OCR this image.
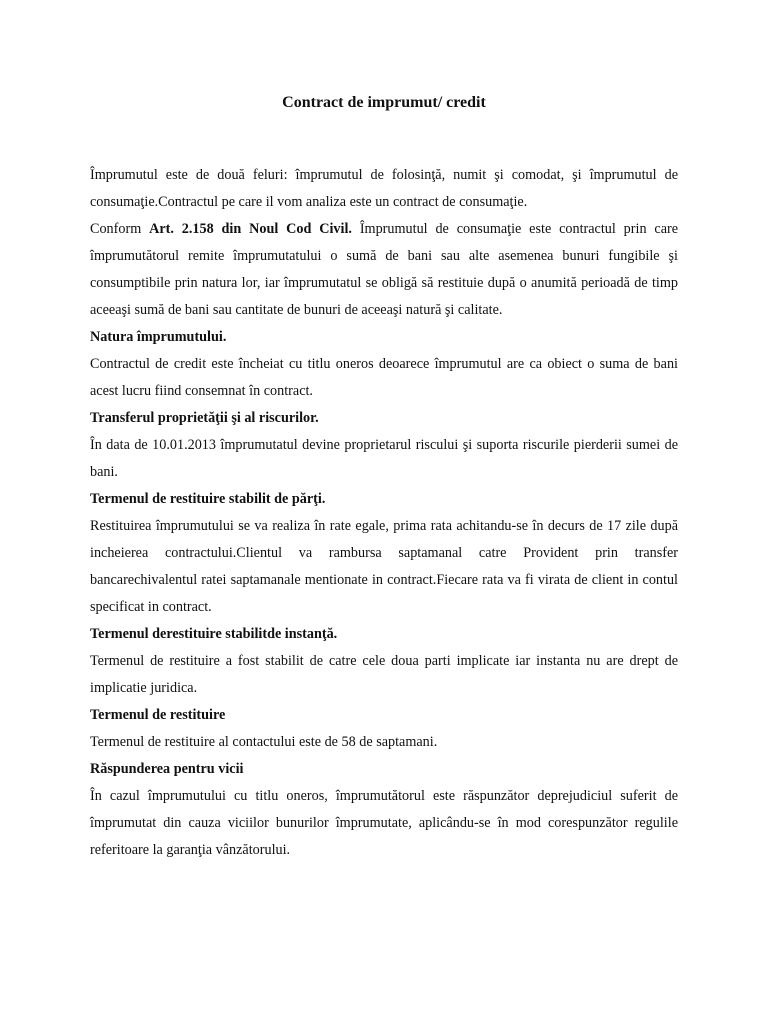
Contract de imprumut/ credit

Împrumutul este de două feluri: împrumutul de folosinţă, numit şi comodat, şi împrumutul de consumaţie.Contractul pe care il vom analiza este un contract de consumaţie.

Conform Art. 2.158 din Noul Cod Civil. Împrumutul de consumaţie este contractul prin care împrumutătorul remite împrumutatului o sumă de bani sau alte asemenea bunuri fungibile şi consumptibile prin natura lor, iar împrumutatul se obligă să restituie după o anumită perioadă de timp aceeaşi sumă de bani sau cantitate de bunuri de aceeaşi natură şi calitate.

Natura împrumutului.

Contractul de credit este încheiat cu titlu oneros deoarece împrumutul are ca obiect o suma de bani acest lucru fiind consemnat în contract.

Transferul proprietăţii şi al riscurilor.

În data de 10.01.2013 împrumutatul devine proprietarul riscului şi suporta riscurile pierderii sumei de bani.

Termenul de restituire stabilit de părţi.

Restituirea împrumutului se va realiza în rate egale, prima rata achitandu-se în decurs de 17 zile după incheierea contractului.Clientul va rambursa saptamanal catre Provident prin transfer bancarechivalentul ratei saptamanale mentionate in contract.Fiecare rata va fi virata de client in contul specificat in contract.

Termenul derestituire stabilitde instanţă.

Termenul de restituire a fost stabilit de catre cele doua parti implicate iar instanta nu are drept de implicatie juridica.

Termenul de restituire

Termenul de restituire al contactului este de 58 de saptamani.

Răspunderea pentru vicii

În cazul împrumutului cu titlu oneros, împrumutătorul este răspunzător deprejudiciul suferit de împrumutat din cauza viciilor bunurilor împrumutate, aplicându-se în mod corespunzător regulile referitoare la garanţia vânzătorului.
